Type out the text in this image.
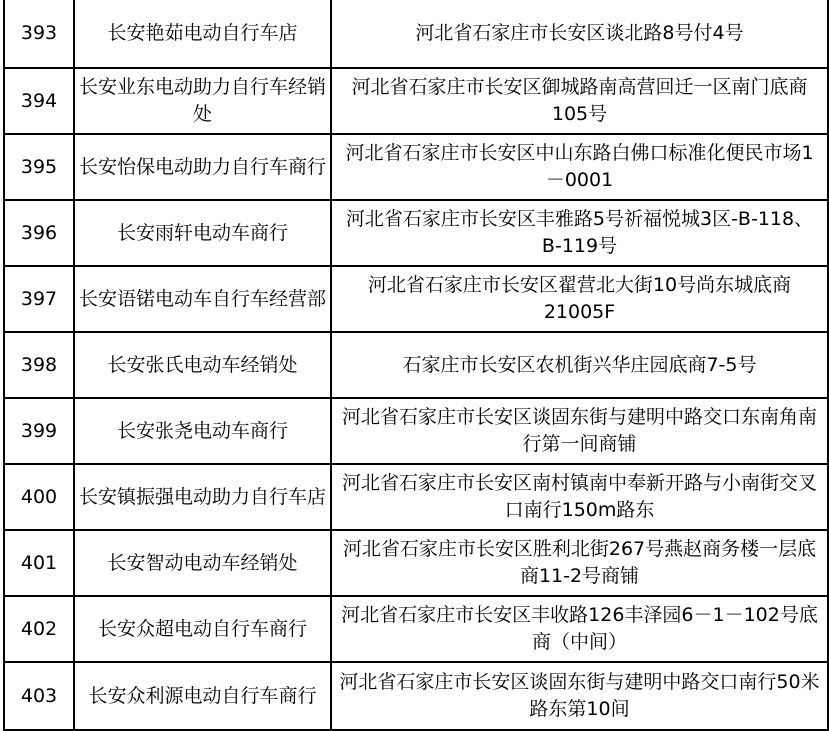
393	长安艳茹电动自行车店	河北省石家庄市长安区谈北路8号付4号
394	长安业东电动助力自行车经销处	河北省石家庄市长安区御城路南高营回迁一区南门底商105号
395	长安怡保电动助力自行车商行	河北省石家庄市长安区中山东路白佛口标准化便民市场1－0001
396	长安雨轩电动车商行	河北省石家庄市长安区丰雅路5号祈福悦城3区-B-118、B-119号
397	长安语锘电动车自行车经营部	河北省石家庄市长安区翟营北大街10号尚东城底商21005F
398	长安张氏电动车经销处	石家庄市长安区农机街兴华庄园底商7-5号
399	长安张尧电动车商行	河北省石家庄市长安区谈固东街与建明中路交口东南角南行第一间商铺
400	长安镇振强电动助力自行车店	河北省石家庄市长安区南村镇南中奉新开路与小南街交叉口南行150m路东
401	长安智动电动车经销处	河北省石家庄市长安区胜利北街267号燕赵商务楼一层底商11-2号商铺
402	长安众超电动自行车商行	河北省石家庄市长安区丰收路126丰泽园6－1－102号底商（中间）
403	长安众利源电动自行车商行	河北省石家庄市长安区谈固东街与建明中路交口南行50米路东第10间
